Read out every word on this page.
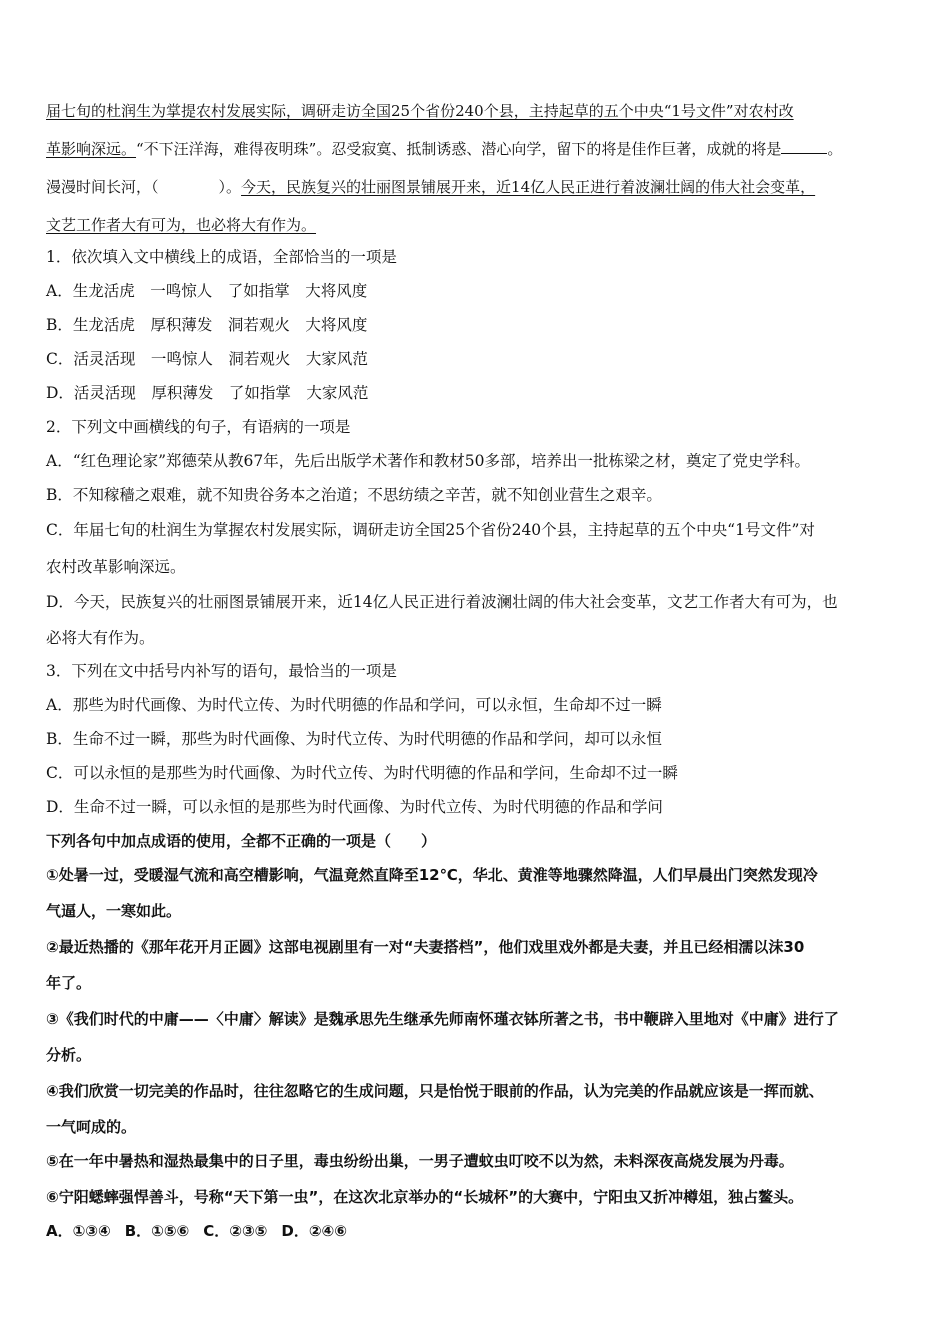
届七旬的杜润生为掌提农村发展实际，调研走访全国25个省份240个县，主持起草的五个中央“1号文件”对农村改
革影响深远。“不下汪洋海，难得夜明珠”。忍受寂寞、抵制诱惑、潜心向学，留下的将是佳作巨著，成就的将是	。
漫漫时间长河，（	）。今天，民族复兴的壮丽图景铺展开来，近14亿人民正进行着波澜壮阔的伟大社会变革，
文艺工作者大有可为，也必将大有作为。
1．依次填入文中横线上的成语，全部恰当的一项是
A．生龙活虎　一鸣惊人　了如指掌　大将风度
B．生龙活虎　厚积薄发　洞若观火　大将风度
C．活灵活现　一鸣惊人　洞若观火　大家风范
D．活灵活现　厚积薄发　了如指掌　大家风范
2．下列文中画横线的句子，有语病的一项是
A．“红色理论家”郑德荣从教67年，先后出版学术著作和教材50多部，培养出一批栋梁之材，奠定了党史学科。
B．不知稼穑之艰难，就不知贵谷务本之治道；不思纺绩之辛苦，就不知创业营生之艰辛。
C．年届七旬的杜润生为掌握农村发展实际，调研走访全国25个省份240个县，主持起草的五个中央“1号文件”对
农村改革影响深远。
D．今天，民族复兴的壮丽图景铺展开来，近14亿人民正进行着波澜壮阔的伟大社会变革，文艺工作者大有可为，也
必将大有作为。
3．下列在文中括号内补写的语句，最恰当的一项是
A．那些为时代画像、为时代立传、为时代明德的作品和学问，可以永恒，生命却不过一瞬
B．生命不过一瞬，那些为时代画像、为时代立传、为时代明德的作品和学问，却可以永恒
C．可以永恒的是那些为时代画像、为时代立传、为时代明德的作品和学问，生命却不过一瞬
D．生命不过一瞬，可以永恒的是那些为时代画像、为时代立传、为时代明德的作品和学问
下列各句中加点成语的使用，全都不正确的一项是（　　）
①处暑一过，受暖湿气流和高空槽影响，气温竟然直降至12℃，华北、黄淮等地骤然降温，人们早晨出门突然发现冷
气逼人，一寒如此。
②最近热播的《那年花开月正圆》这部电视剧里有一对“夫妻搭档”，他们戏里戏外都是夫妻，并且已经相濡以沫30
年了。
③《我们时代的中庸——〈中庸〉解读》是魏承思先生继承先师南怀瑾衣钵所著之书，书中鞭辟入里地对《中庸》进行了
分析。
④我们欣赏一切完美的作品时，往往忽略它的生成问题，只是怡悦于眼前的作品，认为完美的作品就应该是一挥而就、
一气呵成的。
⑤在一年中暑热和湿热最集中的日子里，毒虫纷纷出巢，一男子遭蚊虫叮咬不以为然，未料深夜高烧发展为丹毒。
⑥宁阳蟋蟀强悍善斗，号称“天下第一虫”，在这次北京举办的“长城杯”的大赛中，宁阳虫又折冲樽俎，独占鳌头。
A．①③④ B．①⑤⑥ C．②③⑤ D．②④⑥
